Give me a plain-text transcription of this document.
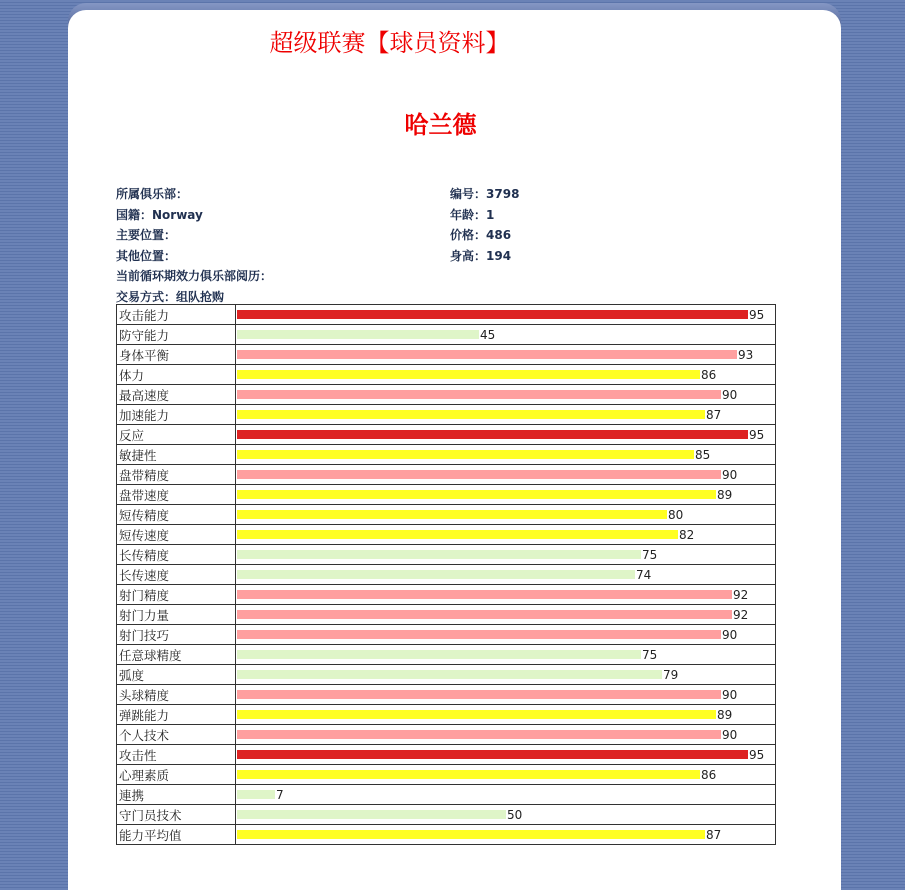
超级联赛【球员资料】
哈兰德
所属俱乐部：	编号：3798
国籍：Norway	年龄：1
主要位置：	价格：486
其他位置：	身高：194
当前循环期效力俱乐部阅历：
交易方式： 组队抢购
攻击能力	95

防守能力	45

身体平衡	93

体力	86

最高速度	90

加速能力	87

反应	95

敏捷性	85

盘带精度	90

盘带速度	89

短传精度	80

短传速度	82

长传精度	75

长传速度	74

射门精度	92

射门力量	92

射门技巧	90

任意球精度	75

弧度	79

头球精度	90

弹跳能力	89

个人技术	90

攻击性	95

心理素质	86

連携	7

守门员技术	50

能力平均值	87
